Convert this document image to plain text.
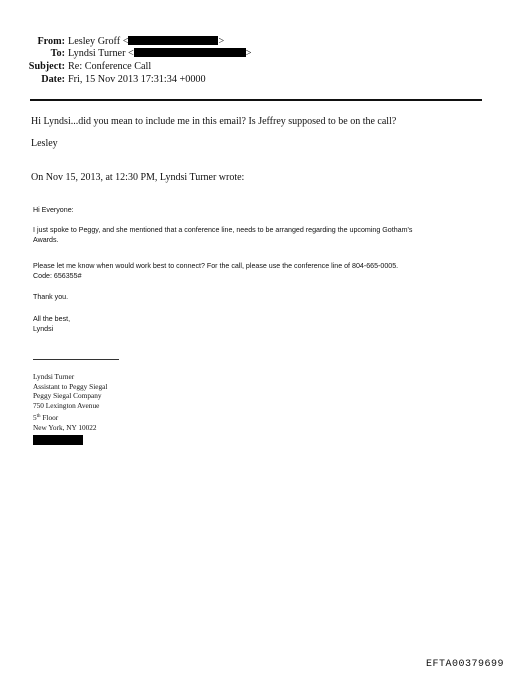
From: Lesley Groff <	>
To: Lyndsi Turner <	>
Subject: Re: Conference Call
Date: Fri, 15 Nov 2013 17:31:34 +0000
Hi Lyndsi...did you mean to include me in this email? Is Jeffrey supposed to be on the call?
Lesley
On Nov 15, 2013, at 12:30 PM, Lyndsi Turner wrote:
Hi Everyone:
I just spoke to Peggy, and she mentioned that a conference line, needs to be arranged regarding the upcoming Gotham's
Awards.
Please let me know when would work best to connect? For the call, please use the conference line of 804-665-0005.
Code: 656355#
Thank you.
All the best,
Lyndsi
Lyndsi Turner
Assistant to Peggy Siegal
Peggy Siegal Company
750 Lexington Avenue
5th Floor
New York, NY 10022
EFTA00379699
